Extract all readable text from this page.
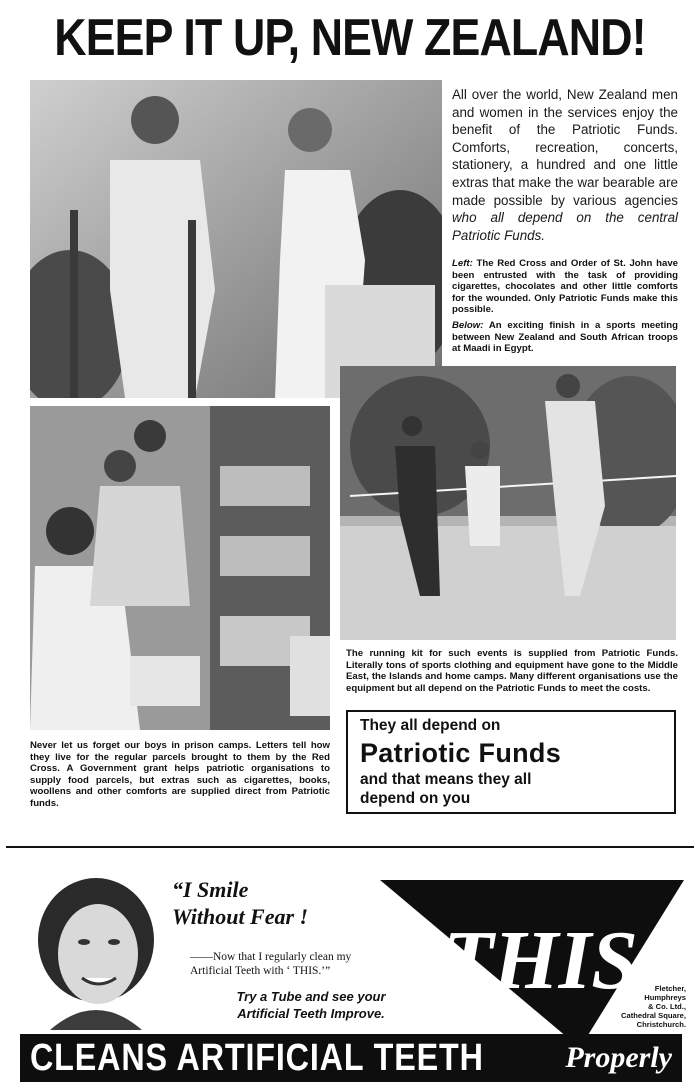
KEEP IT UP, NEW ZEALAND!
All over the world, New Zealand men and women in the services enjoy the benefit of the Patriotic Funds. Comforts, recreation, concerts, stationery, a hundred and one little extras that make the war bearable are made possible by various agencies who all depend on the central Patriotic Funds.
Left: The Red Cross and Order of St. John have been entrusted with the task of providing cigarettes, chocolates and other little comforts for the wounded. Only Patriotic Funds make this possible.
Below: An exciting finish in a sports meeting between New Zealand and South African troops at Maadi in Egypt.
Never let us forget our boys in prison camps. Letters tell how they live for the regular parcels brought to them by the Red Cross. A Government grant helps patriotic organisations to supply food parcels, but extras such as cigarettes, books, woollens and other comforts are supplied direct from Patriotic funds.
The running kit for such events is supplied from Patriotic Funds. Literally tons of sports clothing and equipment have gone to the Middle East, the Islands and home camps. Many different organisations use the equipment but all depend on the Patriotic Funds to meet the costs.
They all depend on
Patriotic Funds
and that means they all
depend on you
“I Smile
Without Fear !
——Now that I regularly clean my
Artificial Teeth with ‘ THIS.’”
Try a Tube and see your
Artificial Teeth Improve.
THIS	Fletcher,
Humphreys
& Co. Ltd.,
Cathedral Square,
Christchurch.
CLEANS ARTIFICIAL TEETH	Properly
